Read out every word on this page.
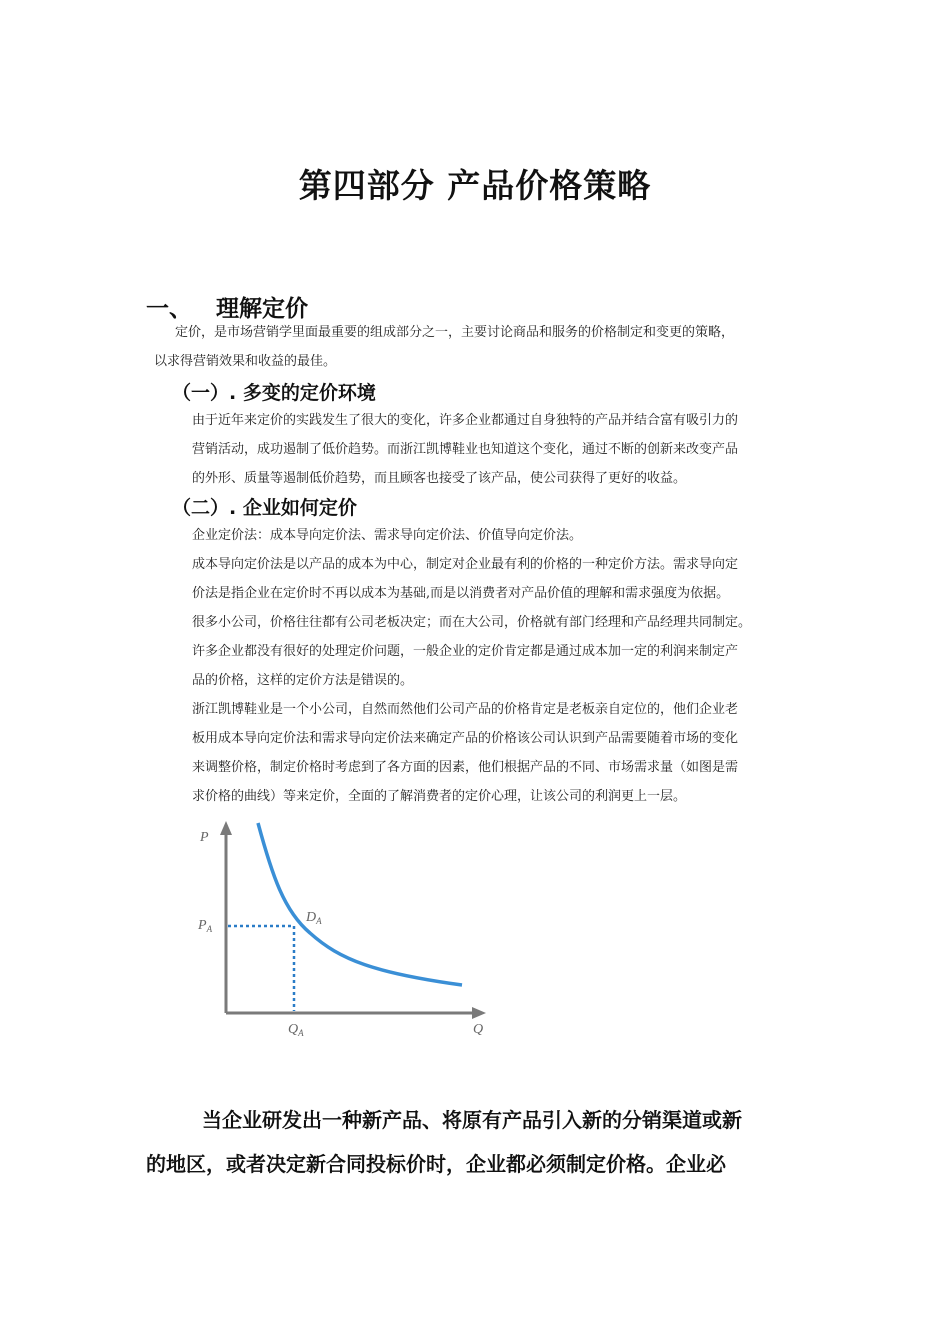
第四部分 产品价格策略
一、 理解定价
定价，是市场营销学里面最重要的组成部分之一，主要讨论商品和服务的价格制定和变更的策略，
以求得营销效果和收益的最佳。
（一）. 多变的定价环境
由于近年来定价的实践发生了很大的变化，许多企业都通过自身独特的产品并结合富有吸引力的
营销活动，成功遏制了低价趋势。而浙江凯博鞋业也知道这个变化，通过不断的创新来改变产品
的外形、质量等遏制低价趋势，而且顾客也接受了该产品，使公司获得了更好的收益。
（二）. 企业如何定价
企业定价法：成本导向定价法、需求导向定价法、价值导向定价法。
成本导向定价法是以产品的成本为中心，制定对企业最有利的价格的一种定价方法。需求导向定
价法是指企业在定价时不再以成本为基础,而是以消费者对产品价值的理解和需求强度为依据。
很多小公司，价格往往都有公司老板决定；而在大公司，价格就有部门经理和产品经理共同制定。
许多企业都没有很好的处理定价问题，一般企业的定价肯定都是通过成本加一定的利润来制定产
品的价格，这样的定价方法是错误的。
浙江凯博鞋业是一个小公司，自然而然他们公司产品的价格肯定是老板亲自定位的，他们企业老
板用成本导向定价法和需求导向定价法来确定产品的价格该公司认识到产品需要随着市场的变化
来调整价格，制定价格时考虑到了各方面的因素，他们根据产品的不同、市场需求量（如图是需
求价格的曲线）等来定价，全面的了解消费者的定价心理，让该公司的利润更上一层。
P
Q
$P_A$
$D_A$
$Q_A$
当企业研发出一种新产品、将原有产品引入新的分销渠道或新
的地区，或者决定新合同投标价时，企业都必须制定价格。企业必
